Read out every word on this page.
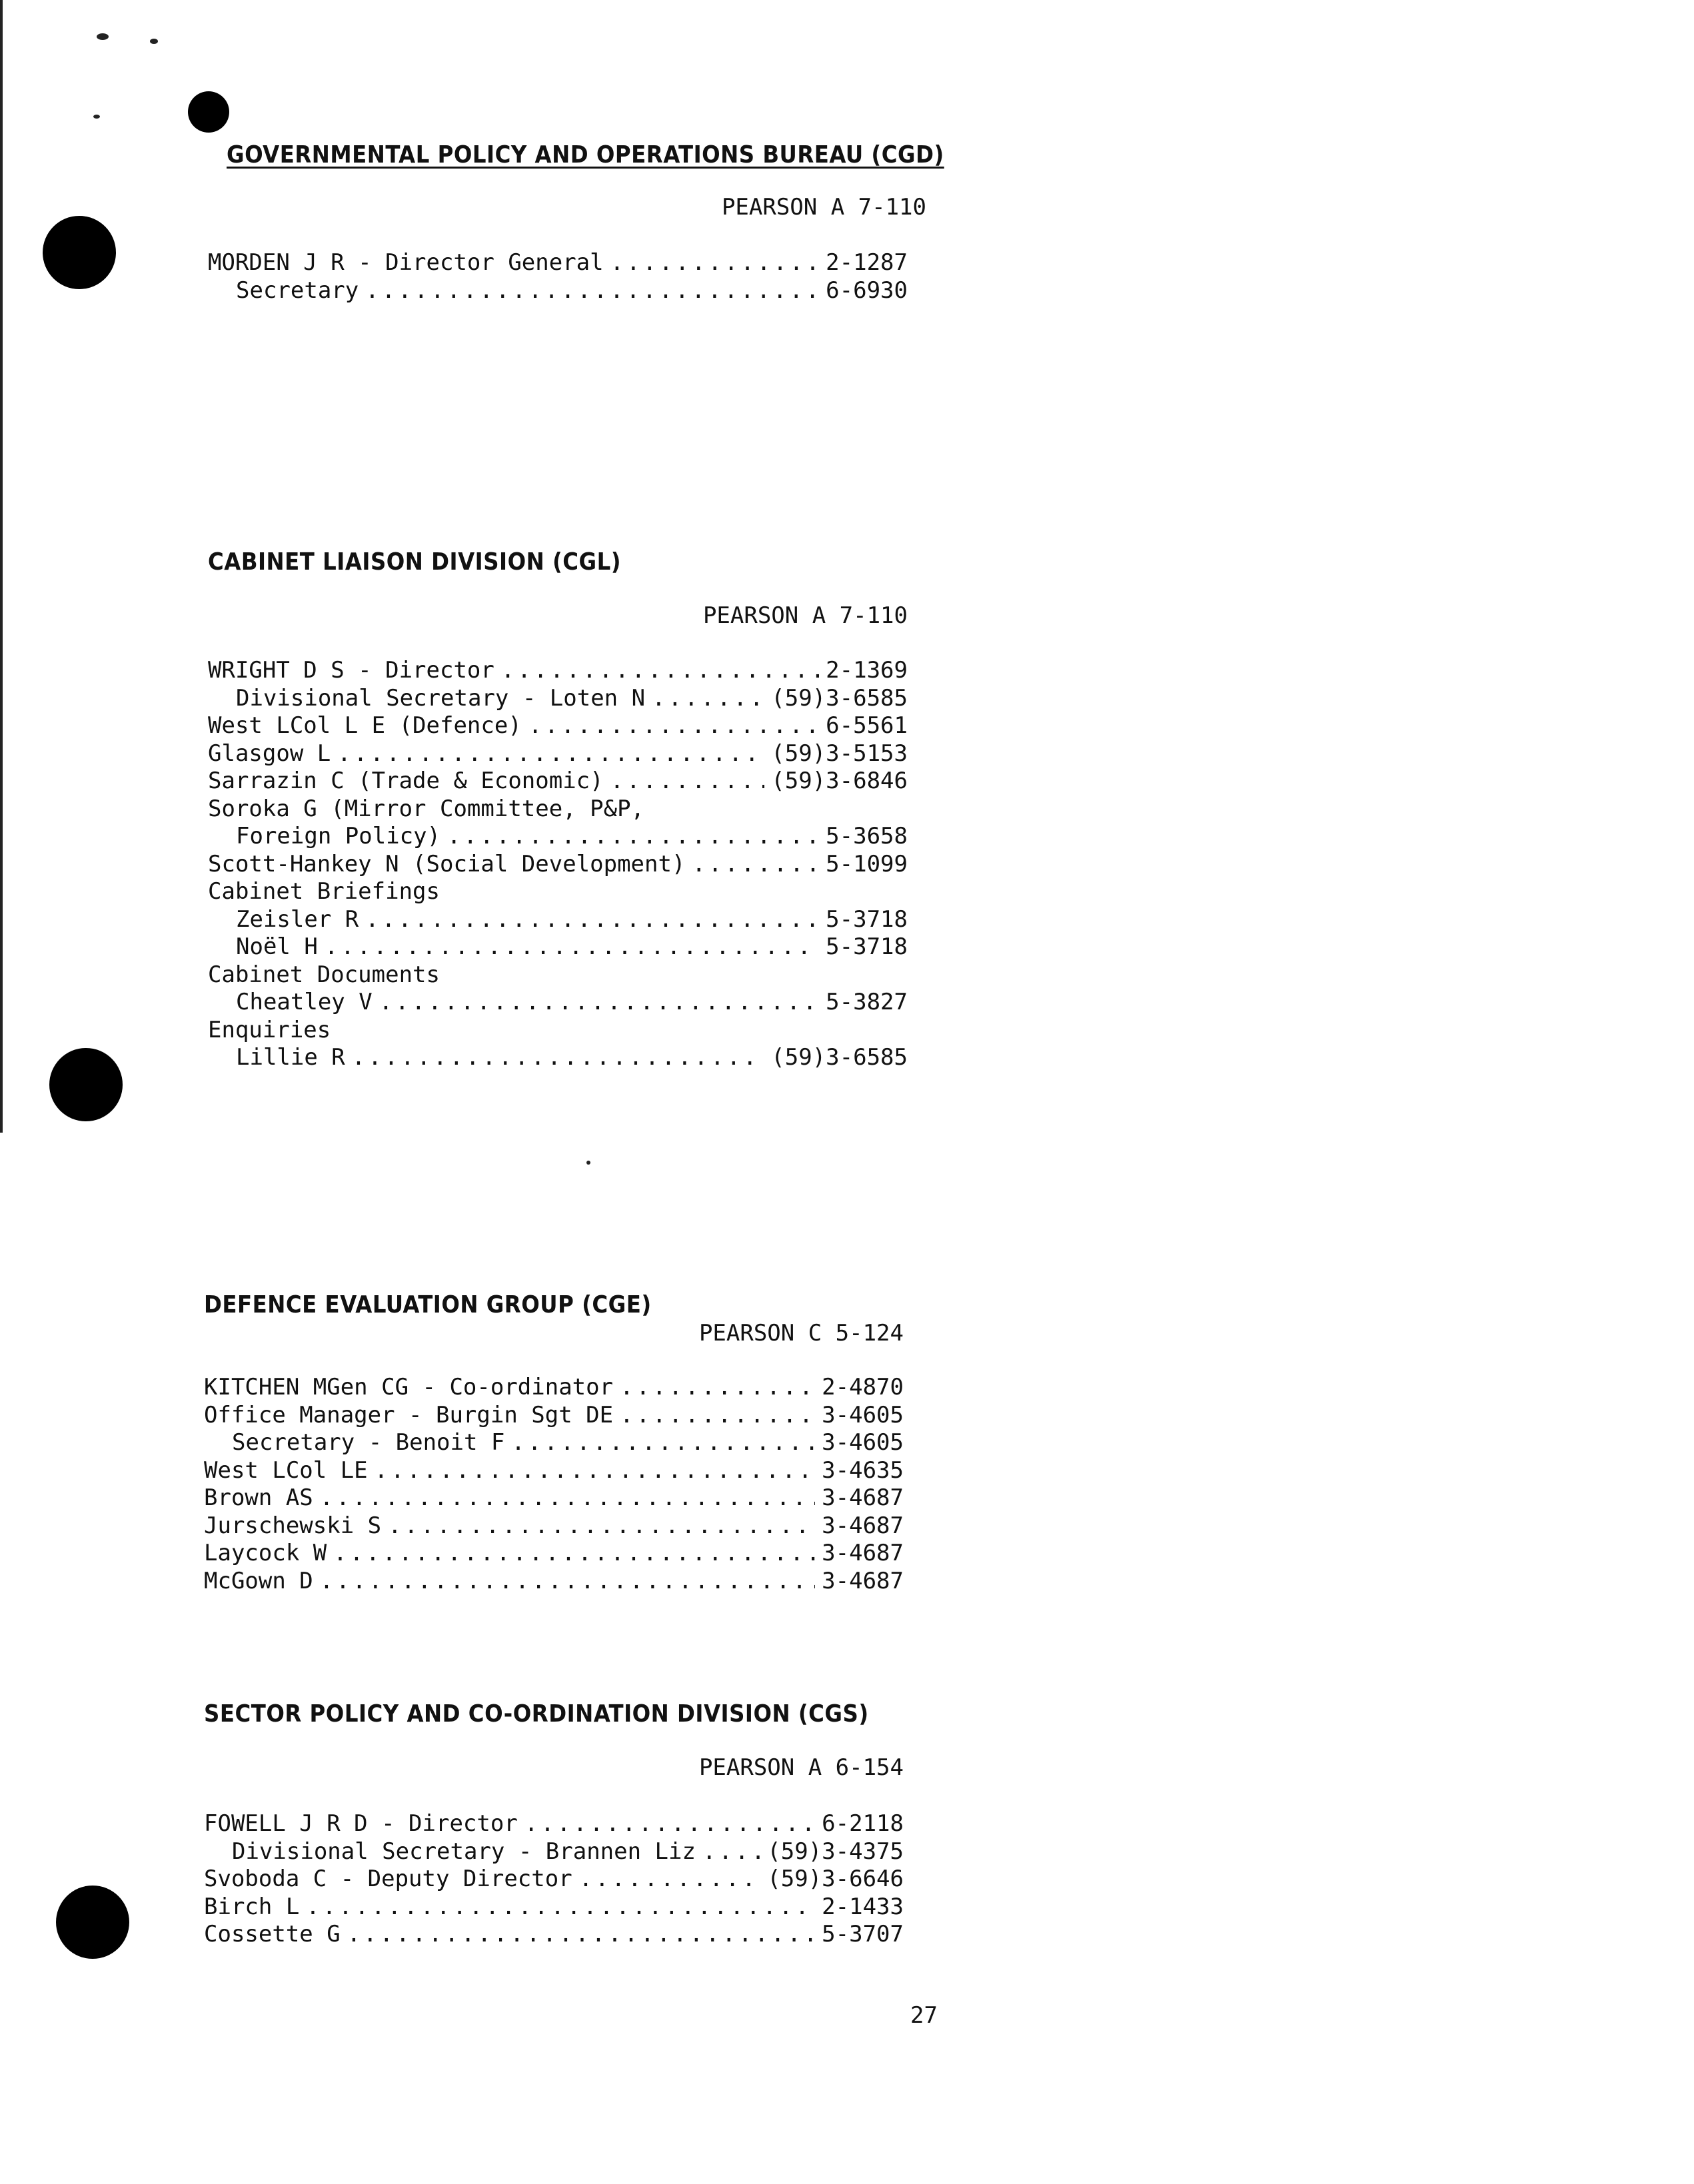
GOVERNMENTAL POLICY AND OPERATIONS BUREAU (CGD)
PEARSON A 7-110
MORDEN J R - Director General .....	2-1287
Secretary .....	6-6930
CABINET LIAISON DIVISION (CGL)
PEARSON A 7-110
WRIGHT D S - Director .....	2-1369
Divisional Secretary - Loten N .....	(59)3-6585
West LCol L E (Defence) .....	6-5561
Glasgow L .....	(59)3-5153
Sarrazin C (Trade & Economic) .....	(59)3-6846
Soroka G (Mirror Committee, P&P,
Foreign Policy) .....	5-3658
Scott-Hankey N (Social Development) .....	5-1099
Cabinet Briefings
Zeisler R .....	5-3718
Noël H .....	5-3718
Cabinet Documents
Cheatley V .....	5-3827
Enquiries
Lillie R .....	(59)3-6585
DEFENCE EVALUATION GROUP (CGE)
PEARSON C 5-124
KITCHEN MGen CG - Co-ordinator .....	2-4870
Office Manager - Burgin Sgt DE .....	3-4605
Secretary - Benoit F .....	3-4605
West LCol LE .....	3-4635
Brown AS .....	3-4687
Jurschewski S .....	3-4687
Laycock W .....	3-4687
McGown D .....	3-4687
SECTOR POLICY AND CO-ORDINATION DIVISION (CGS)
PEARSON A 6-154
FOWELL J R D - Director .....	6-2118
Divisional Secretary - Brannen Liz .....	(59)3-4375
Svoboda C - Deputy Director .....	(59)3-6646
Birch L .....	2-1433
Cossette G .....	5-3707
27
